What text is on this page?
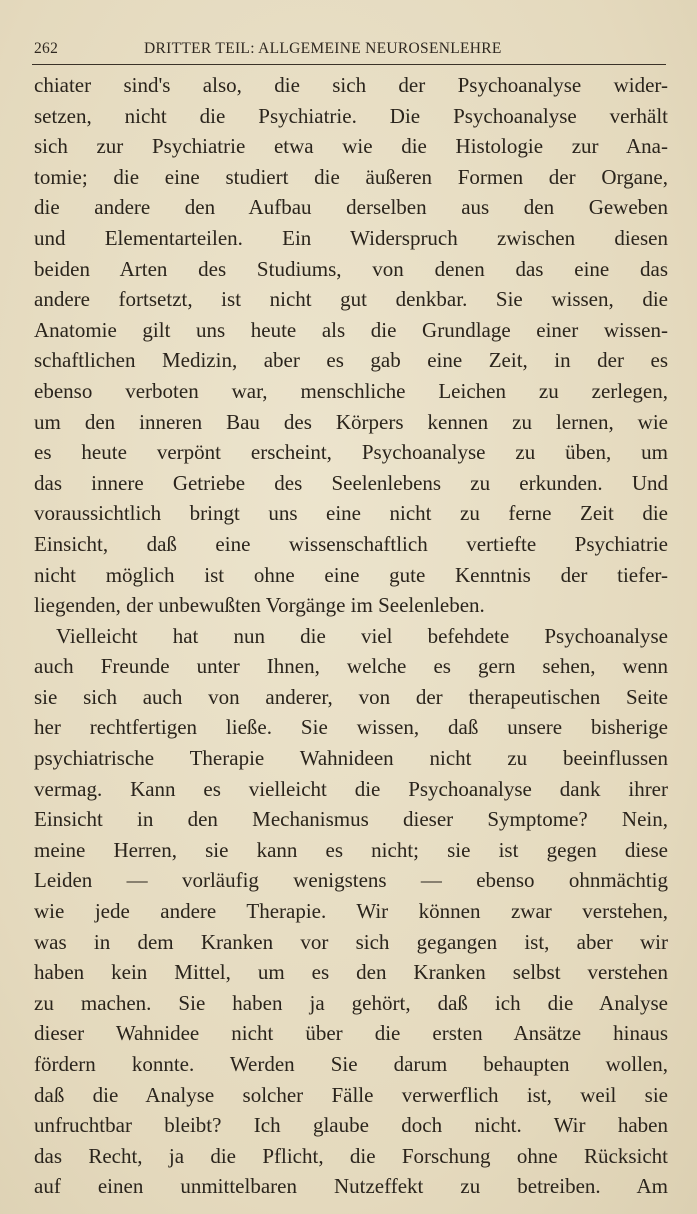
262	DRITTER TEIL: ALLGEMEINE NEUROSENLEHRE
chiater sind's also, die sich der Psychoanalyse wider-
setzen, nicht die Psychiatrie. Die Psychoanalyse verhält
sich zur Psychiatrie etwa wie die Histologie zur Ana-
tomie; die eine studiert die äußeren Formen der Organe,
die andere den Aufbau derselben aus den Geweben
und Elementarteilen. Ein Widerspruch zwischen diesen
beiden Arten des Studiums, von denen das eine das
andere fortsetzt, ist nicht gut denkbar. Sie wissen, die
Anatomie gilt uns heute als die Grundlage einer wissen-
schaftlichen Medizin, aber es gab eine Zeit, in der es
ebenso verboten war, menschliche Leichen zu zerlegen,
um den inneren Bau des Körpers kennen zu lernen, wie
es heute verpönt erscheint, Psychoanalyse zu üben, um
das innere Getriebe des Seelenlebens zu erkunden. Und
voraussichtlich bringt uns eine nicht zu ferne Zeit die
Einsicht, daß eine wissenschaftlich vertiefte Psychiatrie
nicht möglich ist ohne eine gute Kenntnis der tiefer-
liegenden, der unbewußten Vorgänge im Seelenleben.
Vielleicht hat nun die viel befehdete Psychoanalyse
auch Freunde unter Ihnen, welche es gern sehen, wenn
sie sich auch von anderer, von der therapeutischen Seite
her rechtfertigen ließe. Sie wissen, daß unsere bisherige
psychiatrische Therapie Wahnideen nicht zu beeinflussen
vermag. Kann es vielleicht die Psychoanalyse dank ihrer
Einsicht in den Mechanismus dieser Symptome? Nein,
meine Herren, sie kann es nicht; sie ist gegen diese
Leiden — vorläufig wenigstens — ebenso ohnmächtig
wie jede andere Therapie. Wir können zwar verstehen,
was in dem Kranken vor sich gegangen ist, aber wir
haben kein Mittel, um es den Kranken selbst verstehen
zu machen. Sie haben ja gehört, daß ich die Analyse
dieser Wahnidee nicht über die ersten Ansätze hinaus
fördern konnte. Werden Sie darum behaupten wollen,
daß die Analyse solcher Fälle verwerflich ist, weil sie
unfruchtbar bleibt? Ich glaube doch nicht. Wir haben
das Recht, ja die Pflicht, die Forschung ohne Rücksicht
auf einen unmittelbaren Nutzeffekt zu betreiben. Am
